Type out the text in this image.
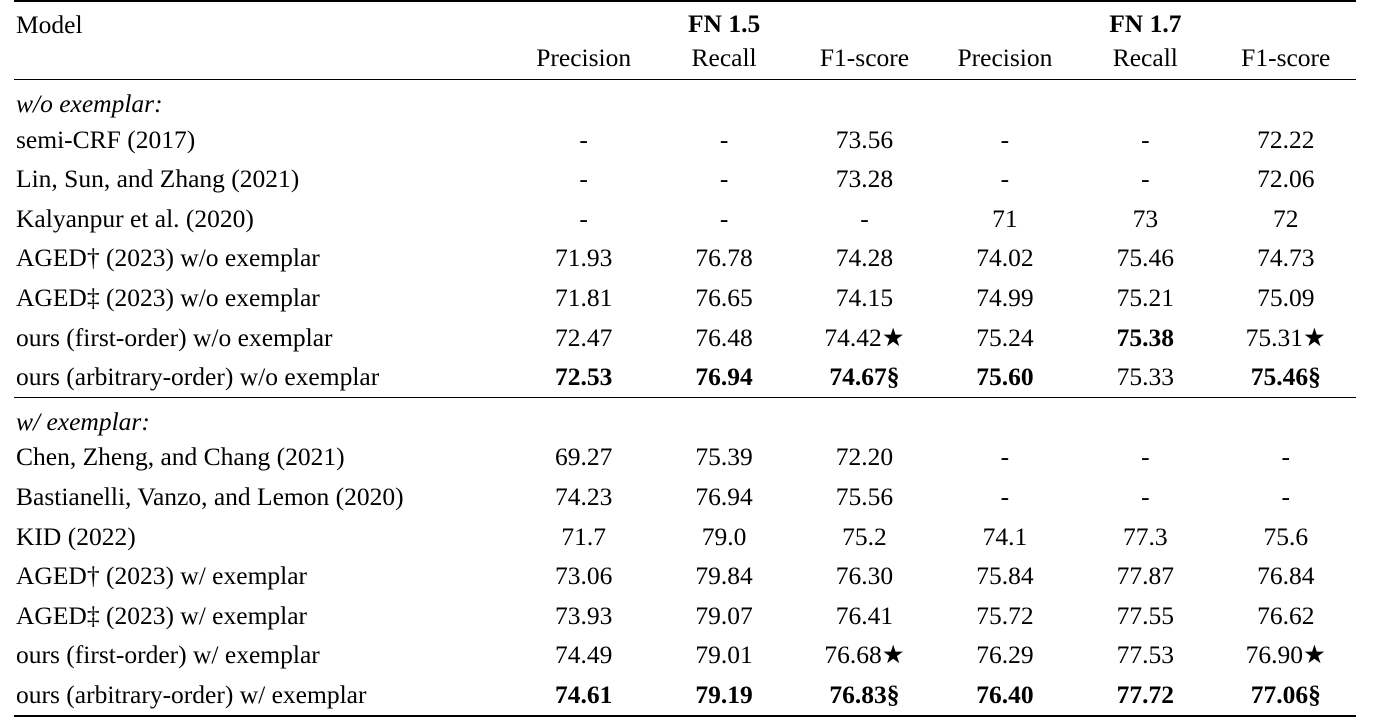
Model	FN 1.5			FN 1.7		
	Precision	Recall	F1-score	Precision	Recall	F1-score
w/o exemplar:						
semi-CRF (2017)	-	-	73.56	-	-	72.22
Lin, Sun, and Zhang (2021)	-	-	73.28	-	-	72.06
Kalyanpur et al. (2020)	-	-	-	71	73	72
AGED† (2023) w/o exemplar	71.93	76.78	74.28	74.02	75.46	74.73
AGED‡ (2023) w/o exemplar	71.81	76.65	74.15	74.99	75.21	75.09
ours (first-order) w/o exemplar	72.47	76.48	74.42★	75.24	75.38	75.31★
ours (arbitrary-order) w/o exemplar	72.53	76.94	74.67§	75.60	75.33	75.46§
w/ exemplar:						
Chen, Zheng, and Chang (2021)	69.27	75.39	72.20	-	-	-
Bastianelli, Vanzo, and Lemon (2020)	74.23	76.94	75.56	-	-	-
KID (2022)	71.7	79.0	75.2	74.1	77.3	75.6
AGED† (2023) w/ exemplar	73.06	79.84	76.30	75.84	77.87	76.84
AGED‡ (2023) w/ exemplar	73.93	79.07	76.41	75.72	77.55	76.62
ours (first-order) w/ exemplar	74.49	79.01	76.68★	76.29	77.53	76.90★
ours (arbitrary-order) w/ exemplar	74.61	79.19	76.83§	76.40	77.72	77.06§
